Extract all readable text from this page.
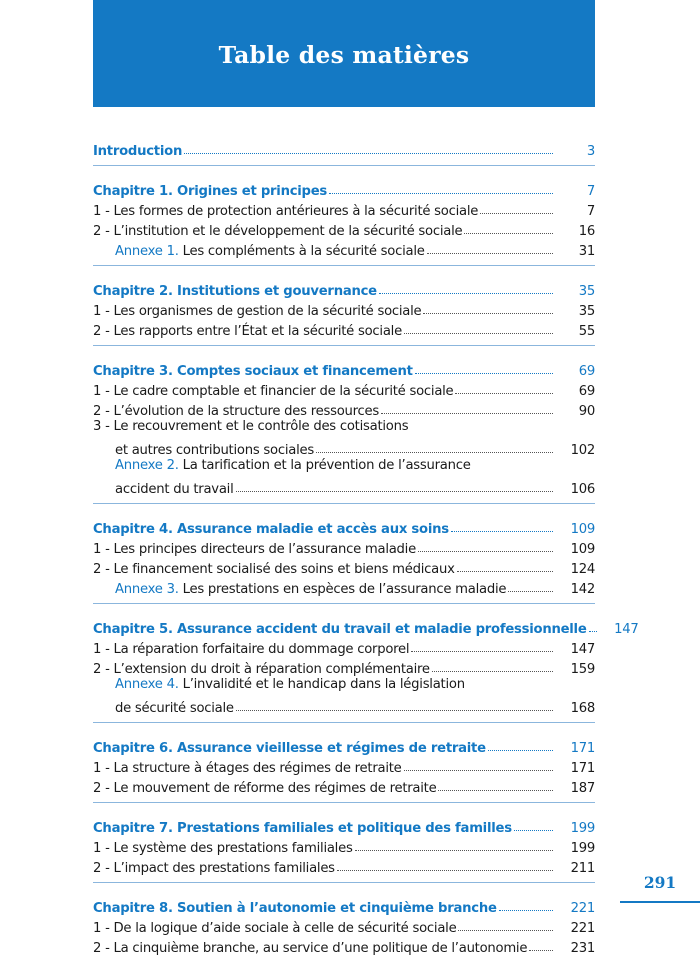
Table des matières
Introduction	3
Chapitre 1. Origines et principes	7
1 - Les formes de protection antérieures à la sécurité sociale	7
2 - L’institution et le développement de la sécurité sociale	16
Annexe 1. Les compléments à la sécurité sociale	31
Chapitre 2. Institutions et gouvernance	35
1 - Les organismes de gestion de la sécurité sociale	35
2 - Les rapports entre l’État et la sécurité sociale	55
Chapitre 3. Comptes sociaux et financement	69
1 - Le cadre comptable et financier de la sécurité sociale	69
2 - L’évolution de la structure des ressources	90
3 - Le recouvrement et le contrôle des cotisations
et autres contributions sociales	102
Annexe 2. La tarification et la prévention de l’assurance
accident du travail	106
Chapitre 4. Assurance maladie et accès aux soins	109
1 - Les principes directeurs de l’assurance maladie	109
2 - Le financement socialisé des soins et biens médicaux	124
Annexe 3. Les prestations en espèces de l’assurance maladie	142
Chapitre 5. Assurance accident du travail et maladie professionnelle	147
1 - La réparation forfaitaire du dommage corporel	147
2 - L’extension du droit à réparation complémentaire	159
Annexe 4. L’invalidité et le handicap dans la législation
de sécurité sociale	168
Chapitre 6. Assurance vieillesse et régimes de retraite	171
1 - La structure à étages des régimes de retraite	171
2 - Le mouvement de réforme des régimes de retraite	187
Chapitre 7. Prestations familiales et politique des familles	199
1 - Le système des prestations familiales	199
2 - L’impact des prestations familiales	211
Chapitre 8. Soutien à l’autonomie et cinquième branche	221
1 - De la logique d’aide sociale à celle de sécurité sociale	221
2 - La cinquième branche, au service d’une politique de l’autonomie	231
291
